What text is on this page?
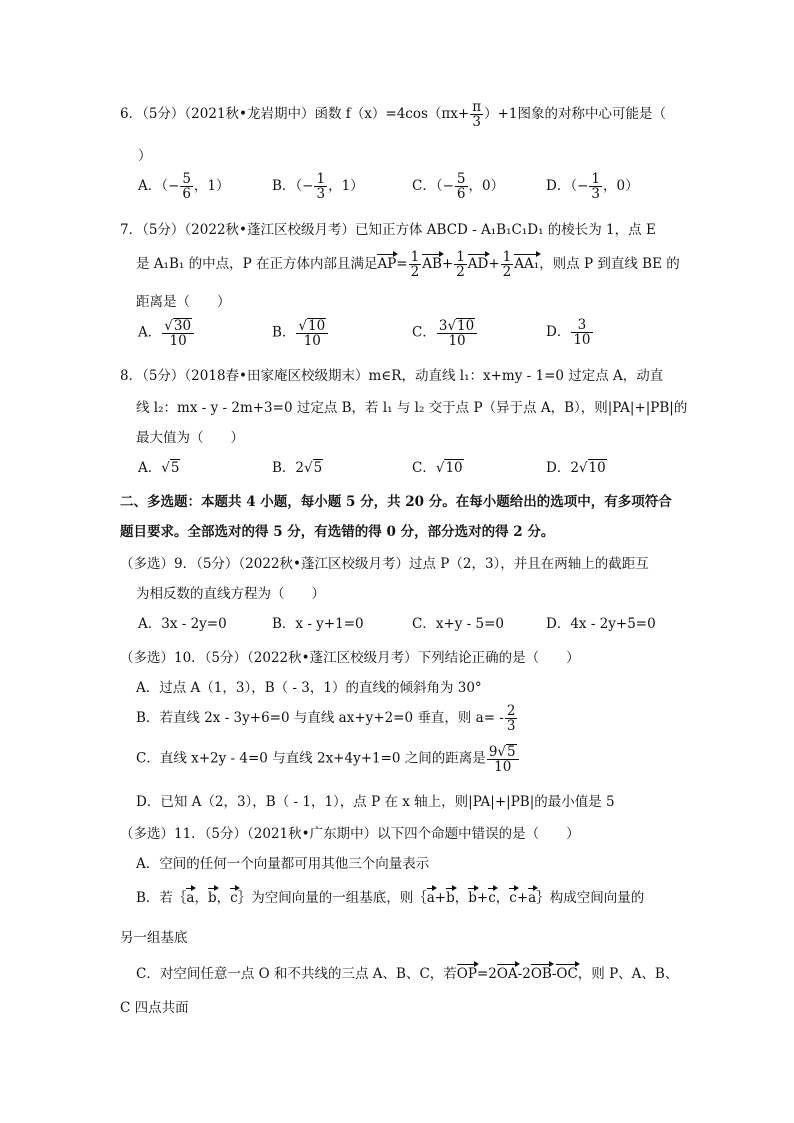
6．（5分）（2021秋•龙岩期中）函数 $f(x)=4\cos(\pi x+ \frac{\pi}{3} )+1$图象的对称中心可能是（
）
A．（− $\frac{5}{6}$ ，1）	B．（− $\frac{1}{3}$ ，1）	C．（− $\frac{5}{6}$ ，0）	D．（− $\frac{1}{3}$ ，0）
7．（5分）（2022秋•蓬江区校级月考）已知正方体 ABCD - A₁B₁C₁D₁ 的棱长为 1，点 E
是 A₁B₁ 的中点，P 在正方体内部且满足$AP= \frac{1}{2} AB+ \frac{1}{2} AD+ \frac{1}{2} AA_1$，则点 P 到直线 BE 的
距离是（　　）
A． $\frac{√30}{10}$	B． $\frac{√10}{10}$	C． $\frac{3√10}{10}$	D． $\frac{3}{10}$
8．（5分）（2018春•田家庵区校级期末）m∈R，动直线 l₁：x+my - 1=0 过定点 A，动直
线 l₂：mx - y - 2m+3=0 过定点 B，若 l₁ 与 l₂ 交于点 P（异于点 A，B），则|PA|+|PB|的
最大值为（　　）
A．√5	B．2√5	C．√10	D．2√10
二、多选题：本题共 4 小题，每小题 5 分，共 20 分。在每小题给出的选项中，有多项符合
题目要求。全部选对的得 5 分，有选错的得 0 分，部分选对的得 2 分。
（多选）9．（5分）（2022秋•蓬江区校级月考）过点 P（2，3），并且在两轴上的截距互
为相反数的直线方程为（　　）
A．3x - 2y=0	B．x - y+1=0	C．x+y - 5=0	D．4x - 2y+5=0
（多选）10．（5分）（2022秋•蓬江区校级月考）下列结论正确的是（　　）
A．过点 A（1，3），B（ - 3，1）的直线的倾斜角为 30°
B．若直线 2x - 3y+6=0 与直线 ax+y+2=0 垂直，则 $a= - \frac{2}{3}$
C．直线 x+2y - 4=0 与直线 2x+4y+1=0 之间的距离是 $\frac{9√5}{10}$
D．已知 A（2，3），B（ - 1，1），点 P 在 x 轴上，则|PA|+|PB|的最小值是 5
（多选）11．（5分）（2021秋•广东期中）以下四个命题中错误的是（　　）
A．空间的任何一个向量都可用其他三个向量表示
B．若｛a，b，c｝为空间向量的一组基底，则｛a+b，b+c，c+a｝构成空间向量的
另一组基底
C．对空间任意一点 O 和不共线的三点 A、B、C，若OP=2OA-2OB-OC，则 P、A、B、
C 四点共面
